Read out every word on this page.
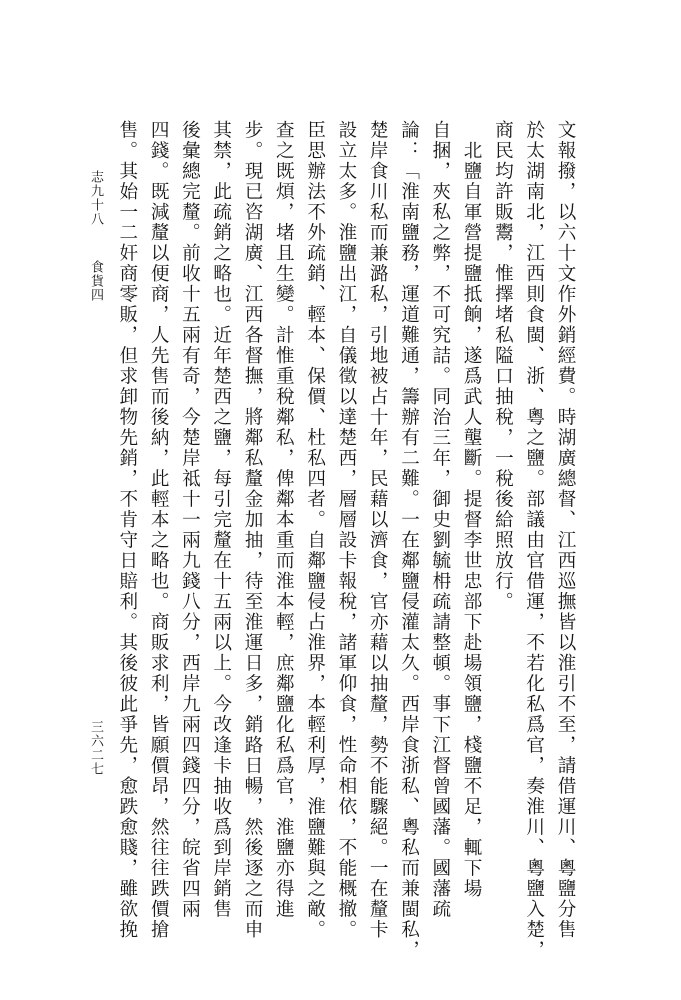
志九十八食貨四
三六二七	文報撥，以六十文作外銷經費。時湖廣總督、江西巡撫皆以淮引不至，請借運川、粵鹽分售
於太湖南北，江西則食閩、浙、粵之鹽。部議由官借運，不若化私爲官，奏淮川、粵鹽入楚，
商民均許販鬻，惟擇堵私隘口抽稅，一稅後給照放行。
　北鹽自軍營提鹽抵餉，遂爲武人壟斷。提督李世忠部下赴場領鹽，棧鹽不足，輒下場
自捆，夾私之弊，不可究詰。同治三年，御史劉毓枏疏請整頓。事下江督曾國藩。國藩疏
論：「淮南鹽務，運道難通，籌辦有二難。一在鄰鹽侵灌太久。西岸食浙私、粵私而兼閩私，
楚岸食川私而兼潞私，引地被占十年，民藉以濟食，官亦藉以抽釐，勢不能驟絕。一在釐卡
設立太多。淮鹽出江，自儀徵以達楚西，層層設卡報稅，諸軍仰食，性命相依，不能概撤。
臣思辦法不外疏銷、輕本、保價、杜私四者。自鄰鹽侵占淮界，本輕利厚，淮鹽難與之敵。
查之既煩，堵且生變。計惟重稅鄰私，俾鄰本重而淮本輕，庶鄰鹽化私爲官，淮鹽亦得進
步。現已咨湖廣、江西各督撫，將鄰私釐金加抽，待至淮運日多，銷路日暢，然後逐之而申
其禁，此疏銷之略也。近年楚西之鹽，每引完釐在十五兩以上。今改逢卡抽收爲到岸銷售
後彙總完釐。前收十五兩有奇，今楚岸祗十一兩九錢八分，西岸九兩四錢四分，皖省四兩
四錢。既減釐以便商，人先售而後納，此輕本之略也。商販求利，皆願價昂，然往往跌價搶
售。其始一二奸商零販，但求卸物先銷，不肯守日賠利。其後彼此爭先，愈跌愈賤，雖欲挽
